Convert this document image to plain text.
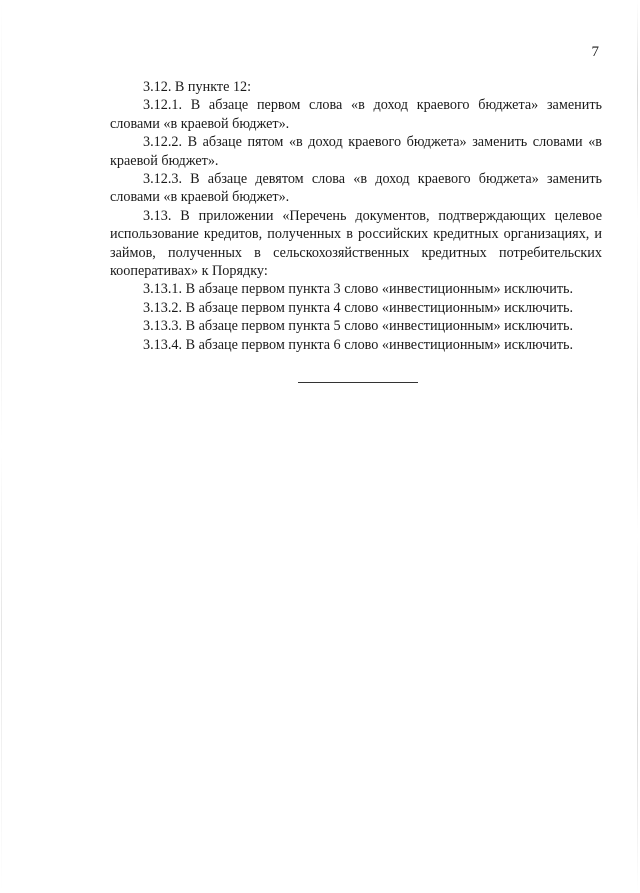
7

3.12. В пункте 12:

3.12.1. В абзаце первом слова «в доход краевого бюджета» заменить словами «в краевой бюджет».

3.12.2. В абзаце пятом «в доход краевого бюджета» заменить словами «в краевой бюджет».

3.12.3. В абзаце девятом слова «в доход краевого бюджета» заменить словами «в краевой бюджет».

3.13. В приложении «Перечень документов, подтверждающих целевое использование кредитов, полученных в российских кредитных организациях, и займов, полученных в сельскохозяйственных кредитных потребительских кооперативах» к Порядку:

3.13.1. В абзаце первом пункта 3 слово «инвестиционным» исключить.

3.13.2. В абзаце первом пункта 4 слово «инвестиционным» исключить.

3.13.3. В абзаце первом пункта 5 слово «инвестиционным» исключить.

3.13.4. В абзаце первом пункта 6 слово «инвестиционным» исключить.
